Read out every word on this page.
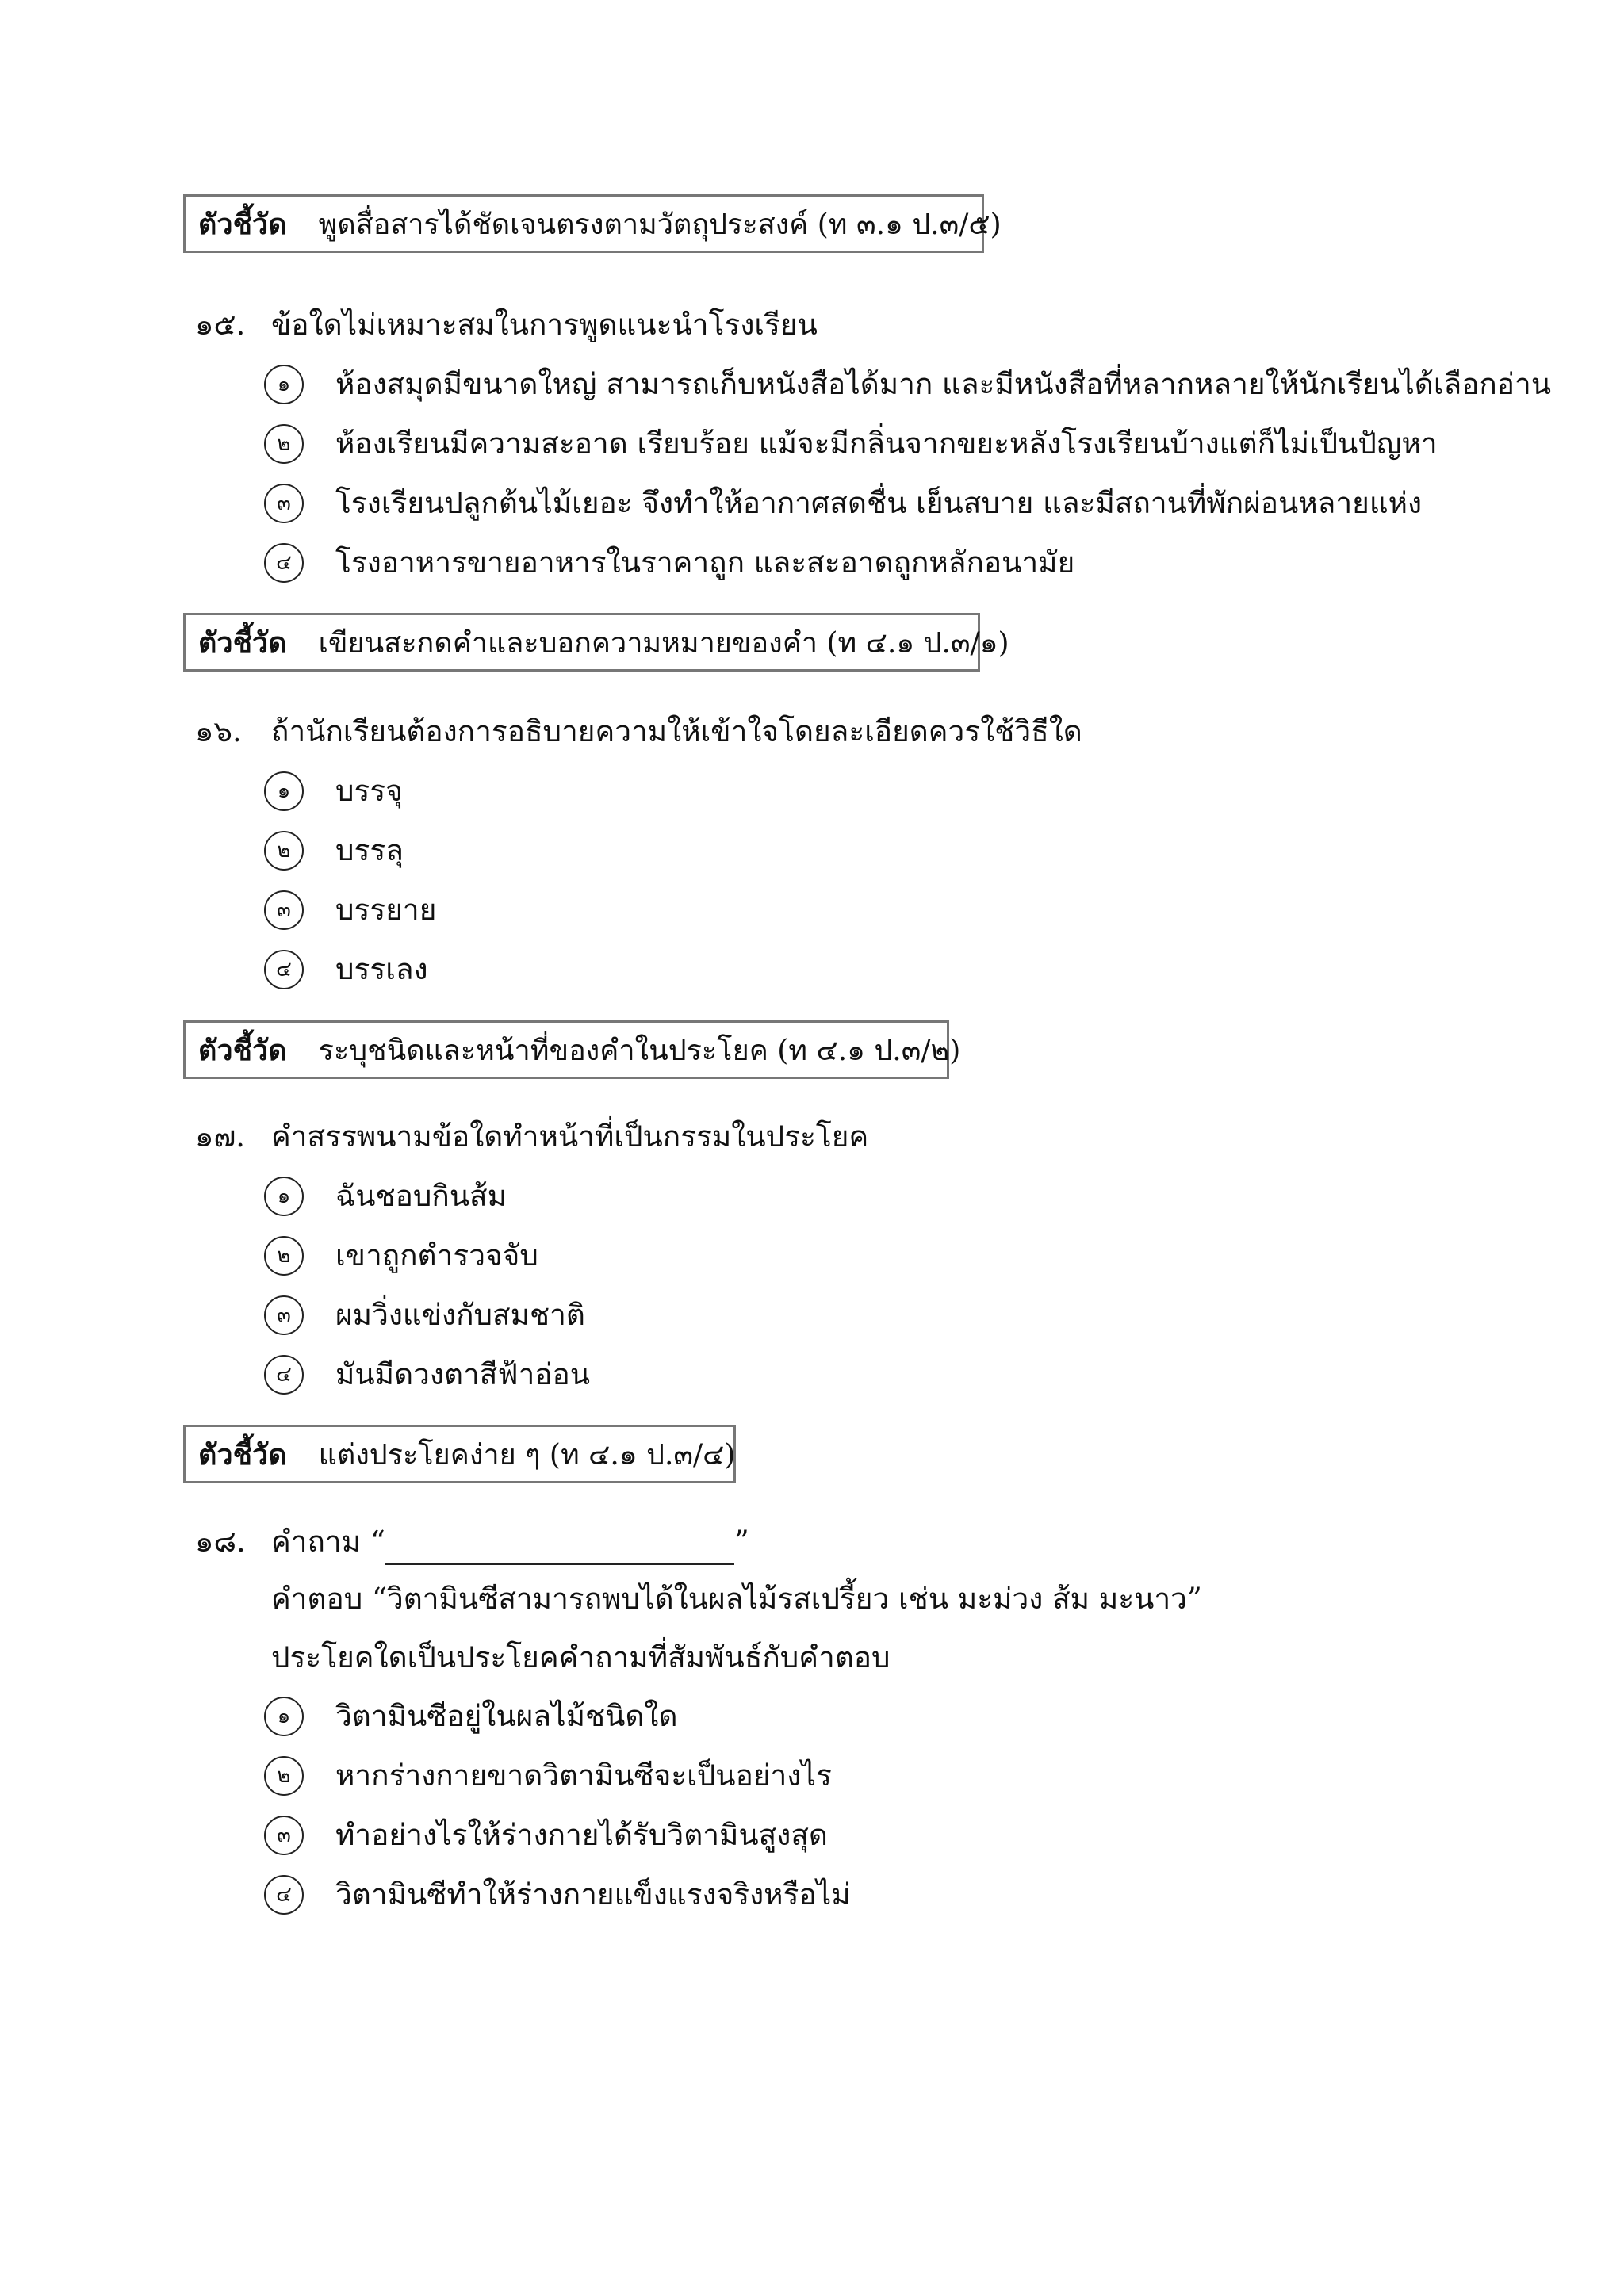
ตัวชี้วัด พูดสื่อสารได้ชัดเจนตรงตามวัตถุประสงค์ (ท ๓.๑ ป.๓/๕)
๑๕. ข้อใดไม่เหมาะสมในการพูดแนะนำโรงเรียน
๑	ห้องสมุดมีขนาดใหญ่ สามารถเก็บหนังสือได้มาก และมีหนังสือที่หลากหลายให้นักเรียนได้เลือกอ่าน
๒	ห้องเรียนมีความสะอาด เรียบร้อย แม้จะมีกลิ่นจากขยะหลังโรงเรียนบ้างแต่ก็ไม่เป็นปัญหา
๓	โรงเรียนปลูกต้นไม้เยอะ จึงทำให้อากาศสดชื่น เย็นสบาย และมีสถานที่พักผ่อนหลายแห่ง
๔	โรงอาหารขายอาหารในราคาถูก และสะอาดถูกหลักอนามัย
ตัวชี้วัด เขียนสะกดคำและบอกความหมายของคำ (ท ๔.๑ ป.๓/๑)
๑๖. ถ้านักเรียนต้องการอธิบายความให้เข้าใจโดยละเอียดควรใช้วิธีใด
๑	บรรจุ
๒	บรรลุ
๓	บรรยาย
๔	บรรเลง
ตัวชี้วัด ระบุชนิดและหน้าที่ของคำในประโยค (ท ๔.๑ ป.๓/๒)
๑๗. คำสรรพนามข้อใดทำหน้าที่เป็นกรรมในประโยค
๑	ฉันชอบกินส้ม
๒	เขาถูกตำรวจจับ
๓	ผมวิ่งแข่งกับสมชาติ
๔	มันมีดวงตาสีฟ้าอ่อน
ตัวชี้วัด แต่งประโยคง่าย ๆ (ท ๔.๑ ป.๓/๔)
๑๘. คำถาม “	”
คำตอบ “วิตามินซีสามารถพบได้ในผลไม้รสเปรี้ยว เช่น มะม่วง ส้ม มะนาว”
ประโยคใดเป็นประโยคคำถามที่สัมพันธ์กับคำตอบ
๑	วิตามินซีอยู่ในผลไม้ชนิดใด
๒	หากร่างกายขาดวิตามินซีจะเป็นอย่างไร
๓	ทำอย่างไรให้ร่างกายได้รับวิตามินสูงสุด
๔	วิตามินซีทำให้ร่างกายแข็งแรงจริงหรือไม่
